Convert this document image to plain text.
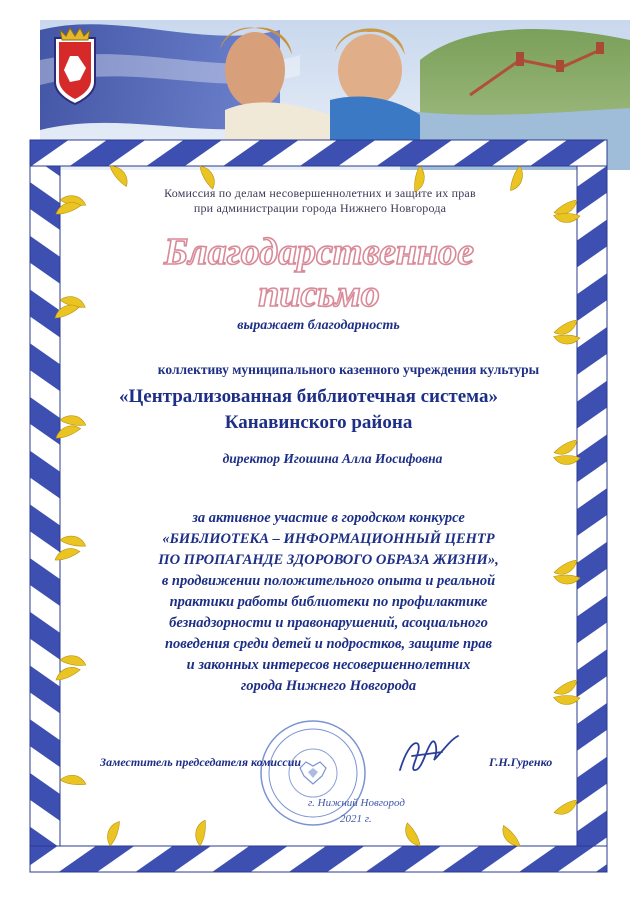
Комиссия по делам несовершеннолетних и защите их прав
при администрации города Нижнего Новгорода
Благодарственное
письмо
выражает благодарность
коллективу муниципального казенного учреждения культуры
«Централизованная библиотечная система»
Канавинского района
директор Игошина Алла Иосифовна
за активное участие в городском конкурсе
«БИБЛИОТЕКА – ИНФОРМАЦИОННЫЙ ЦЕНТР
ПО ПРОПАГАНДЕ ЗДОРОВОГО ОБРАЗА ЖИЗНИ»,
в продвижении положительного опыта и реальной
практики работы библиотеки по профилактике
безнадзорности и правонарушений, асоциального
поведения среди детей и подростков, защите прав
и законных интересов несовершеннолетних
города Нижнего Новгорода
Заместитель председателя комиссии	Г.Н.Гуренко
г. Нижний Новгород
2021 г.
